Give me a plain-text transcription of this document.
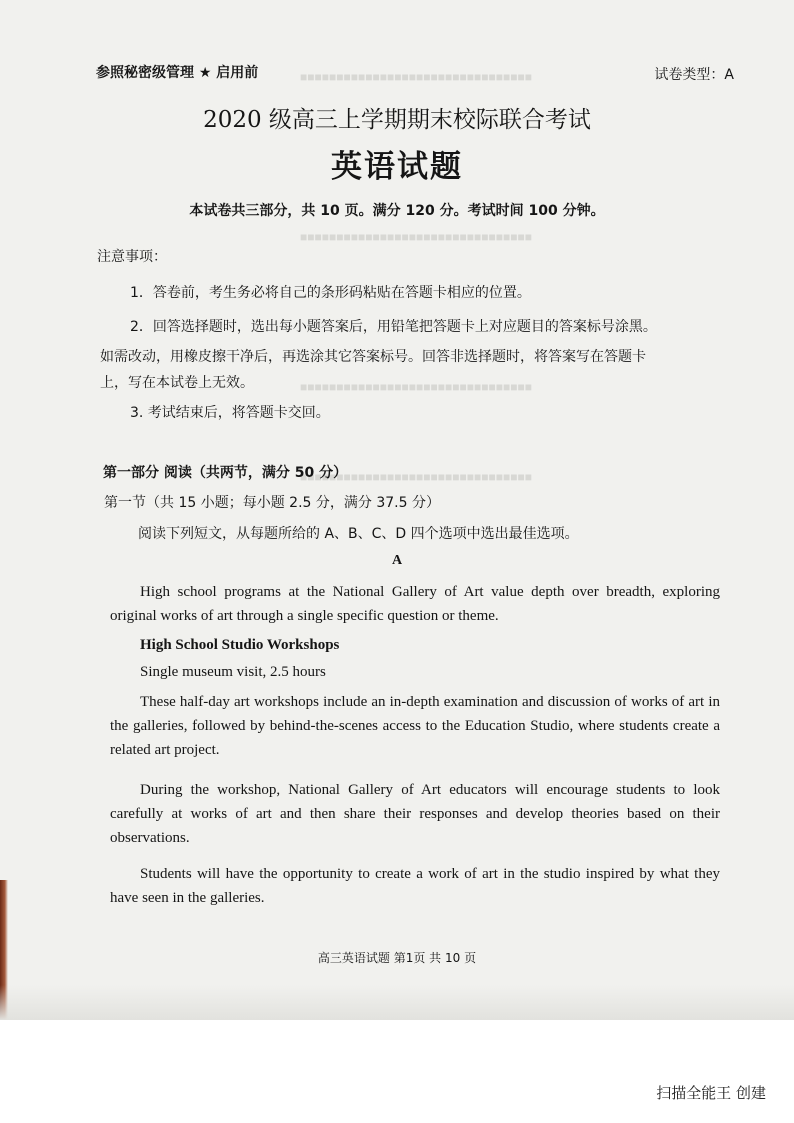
■■■■■■■■■■■■■■■■■■■■■■■■■■■■■■■■
■■■■■■■■■■■■■■■■■■■■■■■■■■■■■■■■
■■■■■■■■■■■■■■■■■■■■■■■■■■■■■■■■
■■■■■■■■■■■■■■■■■■■■■■■■■■■■■■■■
参照秘密级管理 ★ 启用前	试卷类型：A
2020 级高三上学期期末校际联合考试
英语试题
本试卷共三部分，共 10 页。满分 120 分。考试时间 100 分钟。
注意事项：
1．答卷前，考生务必将自己的条形码粘贴在答题卡相应的位置。
2．回答选择题时，选出每小题答案后，用铅笔把答题卡上对应题目的答案标号涂黑。
如需改动，用橡皮擦干净后，再选涂其它答案标号。回答非选择题时，将答案写在答题卡
上，写在本试卷上无效。
3. 考试结束后，将答题卡交回。
第一部分 阅读（共两节，满分 50 分）
第一节（共 15 小题；每小题 2.5 分，满分 37.5 分）
阅读下列短文，从每题所给的 A、B、C、D 四个选项中选出最佳选项。
A
High school programs at the National Gallery of Art value depth over breadth, exploring original works of art through a single specific question or theme.
High School Studio Workshops
Single museum visit, 2.5 hours
These half-day art workshops include an in-depth examination and discussion of works of art in the galleries, followed by behind-the-scenes access to the Education Studio, where students create a related art project.
During the workshop, National Gallery of Art educators will encourage students to look carefully at works of art and then share their responses and develop theories based on their observations.
Students will have the opportunity to create a work of art in the studio inspired by what they have seen in the galleries.
高三英语试题 第1页 共 10 页
扫描全能王 创建
